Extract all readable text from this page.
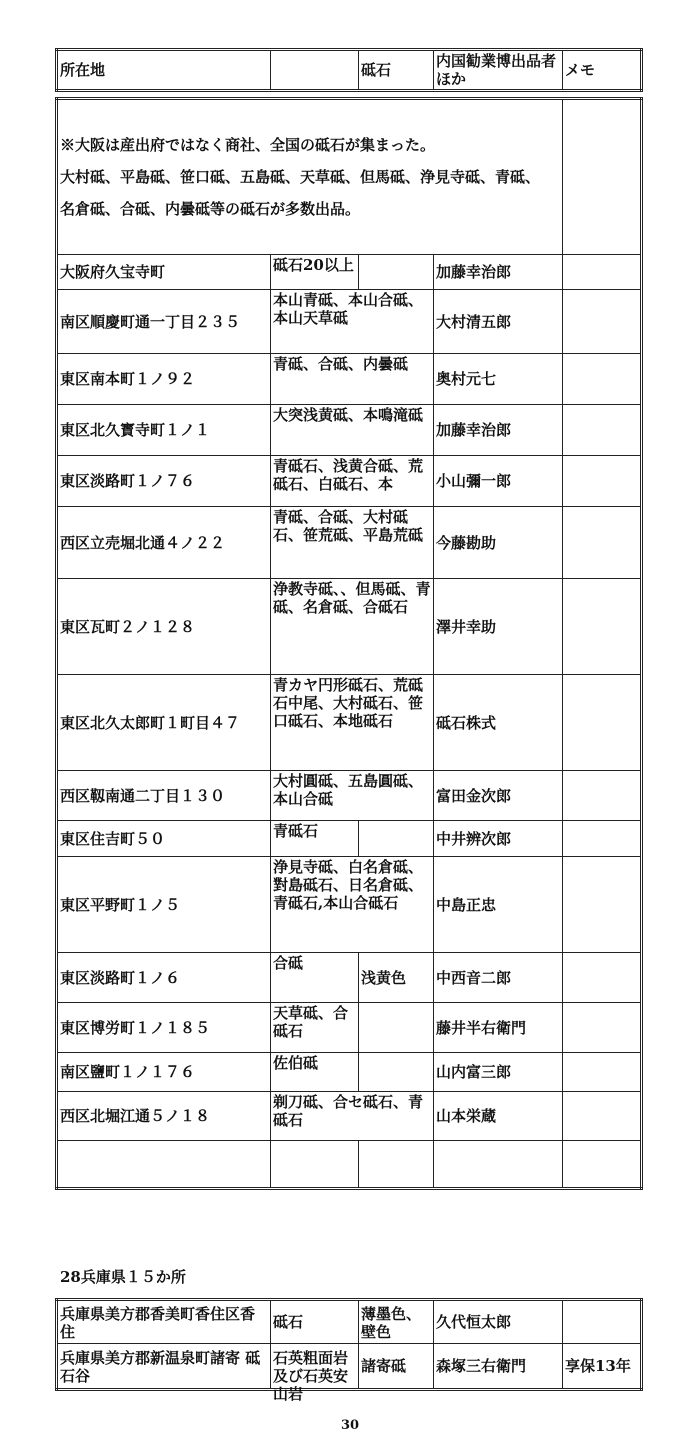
所在地		砥石	内国勧業博出品者ほか	メモ
※大阪は産出府ではなく商社、全国の砥石が集まった。
大村砥、平島砥、笹口砥、五島砥、天草砥、但馬砥、浄見寺砥、青砥、
名倉砥、合砥、内曇砥等の砥石が多数出品。				

大阪府久宝寺町	砥石20以上		加藤幸治郎	
南区順慶町通一丁目２３５	本山青砥、本山合砥、本山天草砥		大村清五郎	
東区南本町１ノ９２	青砥、合砥、内曇砥		奥村元七	
東区北久寳寺町１ノ１	大突浅黄砥、本鳴滝砥		加藤幸治郎	
東区淡路町１ノ７６	青砥石、浅黄合砥、荒砥石、白砥石、本		小山彌一郎	
西区立売堀北通４ノ２２	青砥、合砥、大村砥石、笹荒砥、平島荒砥		今藤勘助	
東区瓦町２ノ１２８	浄教寺砥、、但馬砥、青砥、名倉砥、合砥石		澤井幸助	
東区北久太郎町１町目４７	青カヤ円形砥石、荒砥石中尾、大村砥石、笹口砥石、本地砥石		砥石株式	
西区靱南通二丁目１３０	大村圓砥、五島圓砥、本山合砥		富田金次郎	
東区住吉町５０	青砥石		中井辨次郎	
東区平野町１ノ５	浄見寺砥、白名倉砥、對島砥石、日名倉砥、青砥石,本山合砥石		中島正忠	
東区淡路町１ノ６	合砥	浅黄色	中西音二郎	
東区博労町１ノ１８５	天草砥、合砥石		藤井半右衛門	
南区鹽町１ノ１７６	佐伯砥		山内富三郎	
西区北堀江通５ノ１８	剃刀砥、合セ砥石、青砥石		山本栄蔵	

28兵庫県１５か所
兵庫県美方郡香美町香住区香住	砥石	薄墨色、壁色	久代恒太郎	

兵庫県美方郡新温泉町諸寄 砥石谷	石英粗面岩及び石英安山岩	諸寄砥	森塚三右衛門	享保13年
30
